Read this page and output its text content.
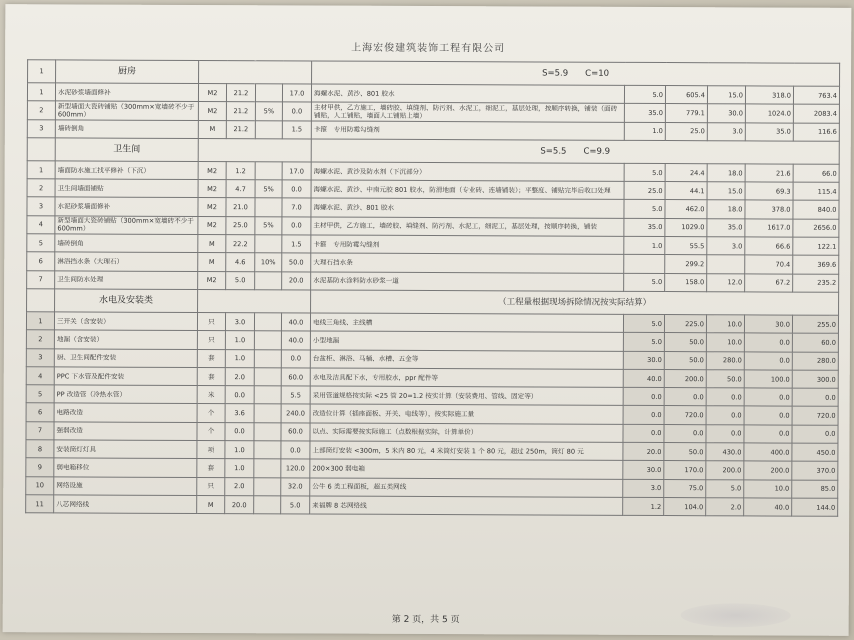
上海宏俊建筑装饰工程有限公司
1	厨房					S=5.9　　C=10					
1	水泥砂浆墙面修补	M2	21.2		17.0	海螺水泥、黄沙、801 胶水	5.0	605.4	15.0	318.0	763.4
2	新型墙面大瓷砖铺贴（300mm×宽墙砖不少于 600mm）	M2	21.2	5%	0.0	主材甲供，乙方施工，墙砖胶、填缝剂、防污剂、水泥工，细泥工，基层处理，按顺序转换，铺装（面砖铺贴，人工铺贴，墙面人工铺贴上墙）	35.0	779.1	30.0	1024.0	2083.4
3	墙砖倒角	M	21.2		1.5	卡箍　专用防霉勾缝剂	1.0	25.0	3.0	35.0	116.6
	卫生间					S=5.5　　C=9.9					
1	墙面防水施工找平修补（下沉）	M2	1.2		17.0	海螺水泥、黄沙及防水剂（下沉部分）	5.0	24.4	18.0	21.6	66.0
2	卫生间墙面铺贴	M2	4.7	5%	0.0	海螺水泥、黄沙、中南元胶 801 胶水，防滑地面（专业砖、连墙铺装）；平整度、铺贴完毕后收口处理	25.0	44.1	15.0	69.3	115.4
3	水泥砂浆墙面修补	M2	21.0		7.0	海螺水泥、黄沙、801 胶水	5.0	462.0	18.0	378.0	840.0
4	新型墙面大瓷砖铺贴（300mm×宽墙砖不少于 600mm）	M2	25.0	5%	0.0	主材甲供，乙方施工，墙砖胶、填缝剂、防污剂、水泥工，细泥工，基层处理，按顺序转换，铺装	35.0	1029.0	35.0	1617.0	2656.0
5	墙砖倒角	M	22.2		1.5	卡箍　专用防霉勾缝剂	1.0	55.5	3.0	66.6	122.1
6	淋浴挡水条（大理石）	M	4.6	10%	50.0	大理石挡水条		299.2		70.4	369.6
7	卫生间防水处理	M2	5.0		20.0	水泥基防水涂料防水砂浆一道	5.0	158.0	12.0	67.2	235.2
	水电及安装类					（工程量根据现场拆除情况按实际结算）					
1	三开关（含安装）	只	3.0		40.0	电线三角线、主线槽	5.0	225.0	10.0	30.0	255.0
2	地漏（含安装）	只	1.0		40.0	小型地漏	5.0	50.0	10.0	0.0	60.0
3	厨、卫生间配件安装	套	1.0		0.0	台盆柜、淋浴、马桶、水槽、五金等	30.0	50.0	280.0	0.0	280.0
4	PPC 下水管及配件安装	套	2.0		60.0	水电及洁具配下水，专用胶水，ppr 配件等	40.0	200.0	50.0	100.0	300.0
5	PP 改造管（冷热水管）	米	0.0		5.5	采用管道规格按实际 <25 管 20=1.2 按实计算（安装费用、管线、固定等）	0.0	0.0	0.0	0.0	0.0
6	电路改造	个	3.6		240.0	改造位计算（插座面板、开关、电线等），按实际施工量	0.0	720.0	0.0	0.0	720.0
7	强弱改造	个	0.0		60.0	以点、实际需要按实际施工（点数根据实际，计算单价）	0.0	0.0	0.0	0.0	0.0
8	安装筒灯灯具	项	1.0		0.0	上部筒灯安装 <300m，5 米内 80 元，4 米筒灯安装 1 个 80 元，超过 250m，筒灯 80 元	20.0	50.0	430.0	400.0	450.0
9	弱电箱移位	套	1.0		120.0	200×300 弱电箱	30.0	170.0	200.0	200.0	370.0
10	网络设施	只	2.0		32.0	公牛 6 类工程面板，超五类网线	3.0	75.0	5.0	10.0	85.0
11	八芯网络线	M	20.0		5.0	来福牌 8 芯网络线	1.2	104.0	2.0	40.0	144.0
第 2 页，共 5 页
